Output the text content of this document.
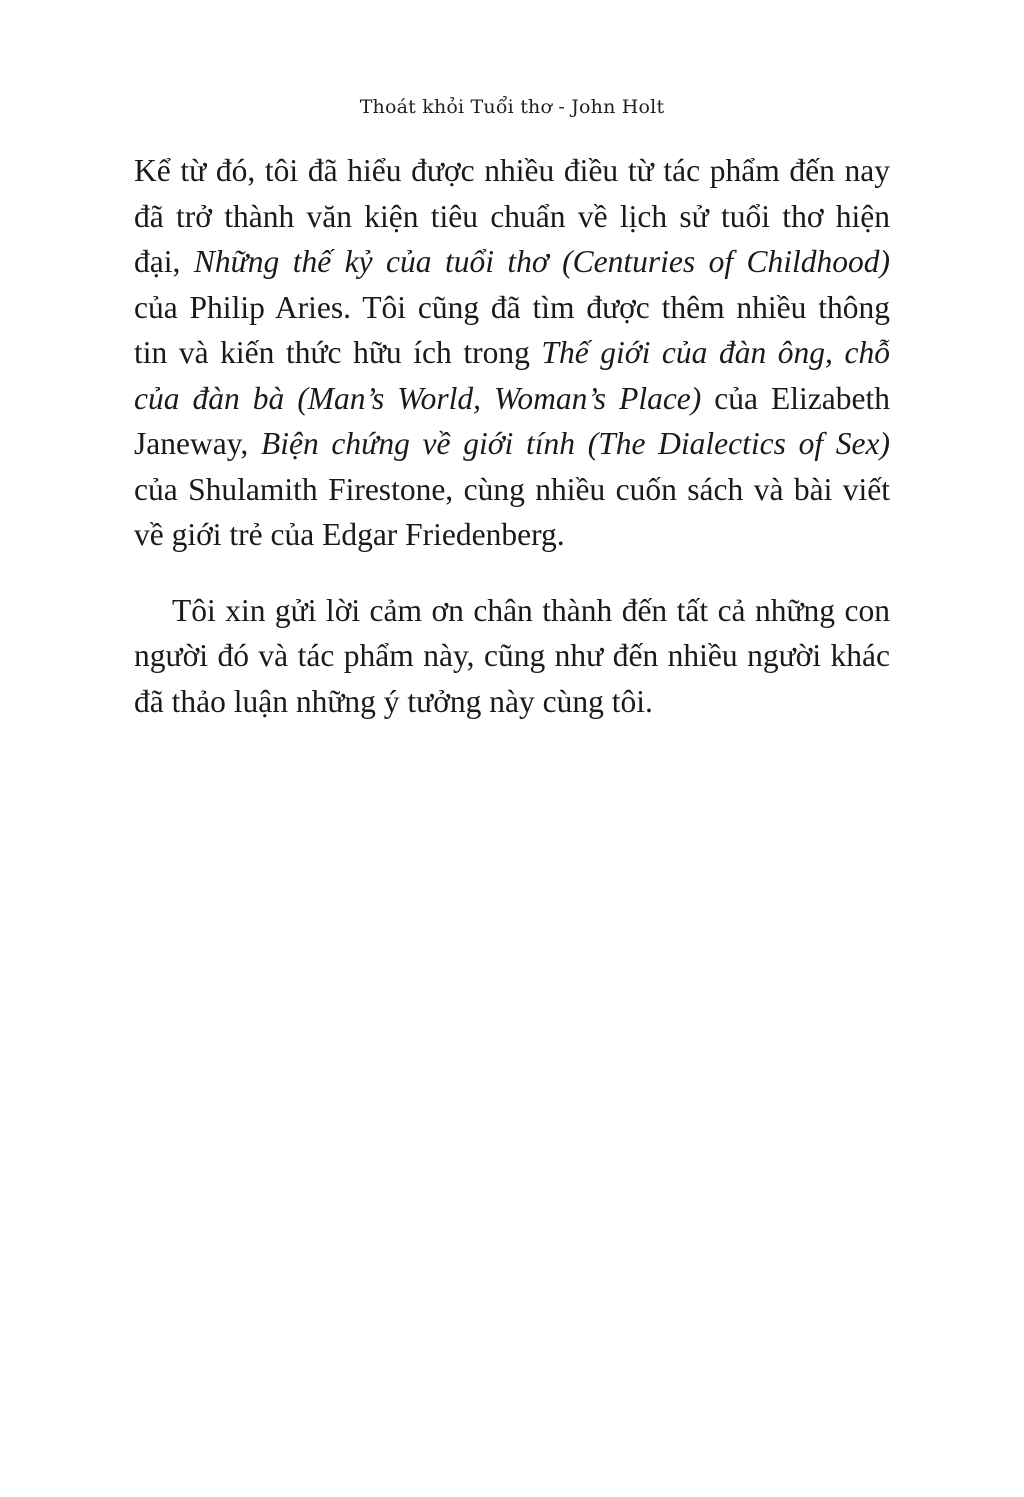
Thoát khỏi Tuổi thơ - John Holt

Kể từ đó, tôi đã hiểu được nhiều điều từ tác phẩm đến nay đã trở thành văn kiện tiêu chuẩn về lịch sử tuổi thơ hiện đại, Những thế kỷ của tuổi thơ (Centuries of Childhood) của Philip Aries. Tôi cũng đã tìm được thêm nhiều thông tin và kiến thức hữu ích trong Thế giới của đàn ông, chỗ của đàn bà (Man’s World, Woman’s Place) của Elizabeth Janeway, Biện chứng về giới tính (The Dialectics of Sex) của Shulamith Firestone, cùng nhiều cuốn sách và bài viết về giới trẻ của Edgar Friedenberg.

Tôi xin gửi lời cảm ơn chân thành đến tất cả những con người đó và tác phẩm này, cũng như đến nhiều người khác đã thảo luận những ý tưởng này cùng tôi.
